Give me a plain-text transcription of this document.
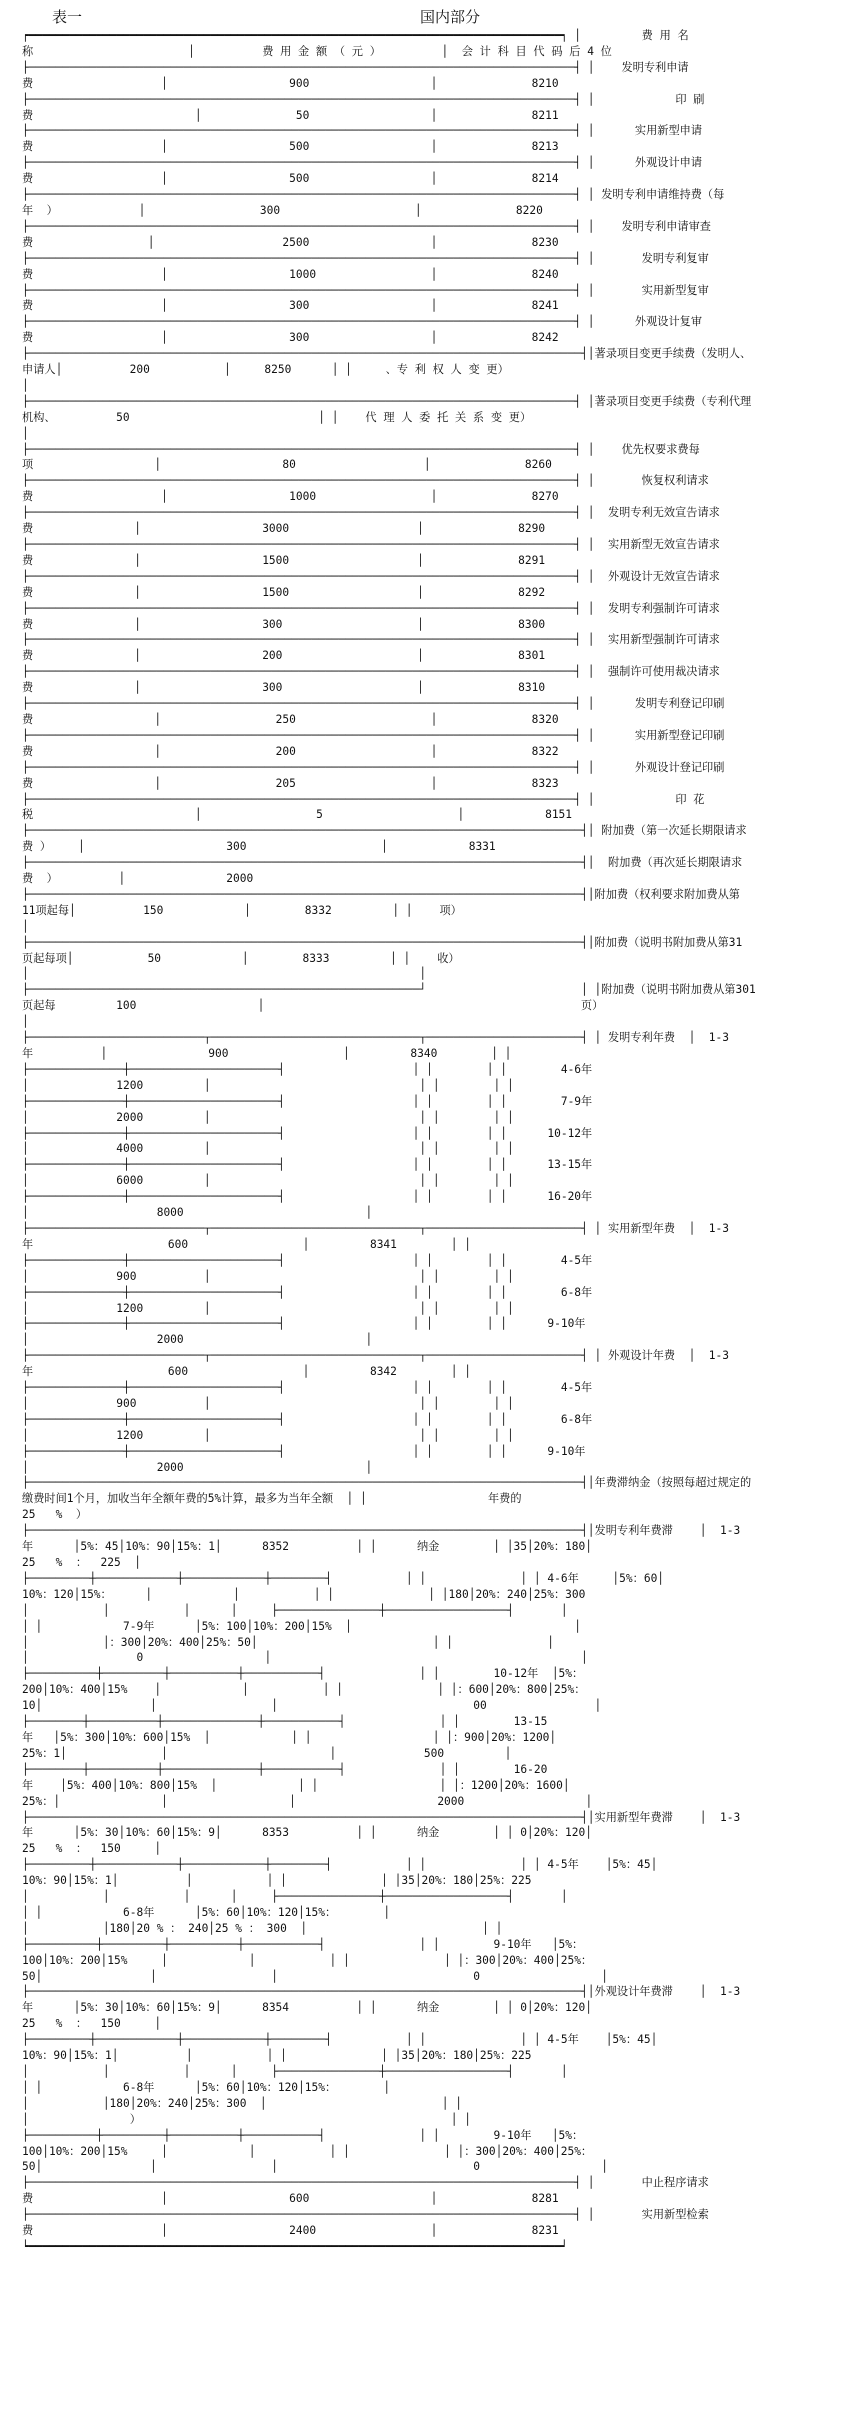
表一	国内部分
┍━━━━━━━━━━━━━━━━━━━━━━━━━━━━━━━━━━━━━━━━━━━━━━━━━━━━━━━━━━━━━━━━━━━━━━━━━━━━━━━┑ │         费 用 名
称                       │          费 用 金 额 （ 元 ）         │  会 计 科 目 代 码 后 4 位
├─────────────────────────────────────────────────────────────────────────────────┤ │    发明专利申请
费                   │                  900                  │              8210
├─────────────────────────────────────────────────────────────────────────────────┤ │            印 刷
费                        │              50                  │              8211
├─────────────────────────────────────────────────────────────────────────────────┤ │      实用新型申请
费                   │                  500                  │              8213
├─────────────────────────────────────────────────────────────────────────────────┤ │      外观设计申请
费                   │                  500                  │              8214
├─────────────────────────────────────────────────────────────────────────────────┤ │ 发明专利申请维持费（每
年  ）            │                 300                    │              8220
├─────────────────────────────────────────────────────────────────────────────────┤ │    发明专利申请审查
费                 │                   2500                  │              8230
├─────────────────────────────────────────────────────────────────────────────────┤ │       发明专利复审
费                   │                  1000                 │              8240
├─────────────────────────────────────────────────────────────────────────────────┤ │       实用新型复审
费                   │                  300                  │              8241
├─────────────────────────────────────────────────────────────────────────────────┤ │      外观设计复审
费                   │                  300                  │              8242
├──────────────────────────────────────────────────────────────────────────────────┤│著录项目变更手续费（发明人、
申请人│          200           │     8250      │ │     、专 利 权 人 变 更）
│
├─────────────────────────────────────────────────────────────────────────────────┤ │著录项目变更手续费（专利代理
机构、         50                            │ │    代 理 人 委 托 关 系 变 更）
│
├─────────────────────────────────────────────────────────────────────────────────┤ │    优先权要求费每
项                  │                  80                   │              8260
├─────────────────────────────────────────────────────────────────────────────────┤ │       恢复权利请求
费                   │                  1000                 │              8270
├─────────────────────────────────────────────────────────────────────────────────┤ │  发明专利无效宣告请求
费               │                  3000                   │              8290
├─────────────────────────────────────────────────────────────────────────────────┤ │  实用新型无效宣告请求
费               │                  1500                   │              8291
├─────────────────────────────────────────────────────────────────────────────────┤ │  外观设计无效宣告请求
费               │                  1500                   │              8292
├─────────────────────────────────────────────────────────────────────────────────┤ │  发明专利强制许可请求
费               │                  300                    │              8300
├─────────────────────────────────────────────────────────────────────────────────┤ │  实用新型强制许可请求
费               │                  200                    │              8301
├─────────────────────────────────────────────────────────────────────────────────┤ │  强制许可使用裁决请求
费               │                  300                    │              8310
├─────────────────────────────────────────────────────────────────────────────────┤ │      发明专利登记印刷
费                  │                 250                    │              8320
├─────────────────────────────────────────────────────────────────────────────────┤ │      实用新型登记印刷
费                  │                 200                    │              8322
├─────────────────────────────────────────────────────────────────────────────────┤ │      外观设计登记印刷
费                  │                 205                    │              8323
├─────────────────────────────────────────────────────────────────────────────────┤ │            印 花
税                        │                 5                    │            8151
├──────────────────────────────────────────────────────────────────────────────────┤│ 附加费（第一次延长期限请求
费 ）    │                     300                    │            8331
├──────────────────────────────────────────────────────────────────────────────────┤│  附加费（再次延长期限请求
费  ）         │               2000
├──────────────────────────────────────────────────────────────────────────────────┤│附加费（权利要求附加费从第
11项起每│          150            │        8332         │ │    项）
│
├──────────────────────────────────────────────────────────────────────────────────┤│附加费（说明书附加费从第31
页起每项│           50            │        8333         │ │    收）
│                                                          │
├──────────────────────────────────────────────────────────┘                       │ │附加费（说明书附加费从第301
页起每         100                  │                                               页）
│
├──────────────────────────┬───────────────────────────────┬───────────────────────┤ │ 发明专利年费  │  1-3
年          │               900                 │         8340        │ │
├──────────────┼──────────────────────┤                   │ │        │ │        4-6年
│             1200         │                               │ │        │ │
├──────────────┼──────────────────────┤                   │ │        │ │        7-9年
│             2000         │                               │ │        │ │
├──────────────┼──────────────────────┤                   │ │        │ │      10-12年
│             4000         │                               │ │        │ │
├──────────────┼──────────────────────┤                   │ │        │ │      13-15年
│             6000         │                               │ │        │ │
├──────────────┼──────────────────────┤                   │ │        │ │      16-20年
│                   8000                           │
├──────────────────────────┬───────────────────────────────┬───────────────────────┤ │ 实用新型年费  │  1-3
年                    600                 │         8341        │ │
├──────────────┼──────────────────────┤                   │ │        │ │        4-5年
│             900          │                               │ │        │ │
├──────────────┼──────────────────────┤                   │ │        │ │        6-8年
│             1200         │                               │ │        │ │
├──────────────┼──────────────────────┤                   │ │        │ │      9-10年
│                   2000                           │
├──────────────────────────┬───────────────────────────────┬───────────────────────┤ │ 外观设计年费  │  1-3
年                    600                 │         8342        │ │
├──────────────┼──────────────────────┤                   │ │        │ │        4-5年
│             900          │                               │ │        │ │
├──────────────┼──────────────────────┤                   │ │        │ │        6-8年
│             1200         │                               │ │        │ │
├──────────────┼──────────────────────┤                   │ │        │ │      9-10年
│                   2000                           │
├──────────────────────────────────────────────────────────────────────────────────┤│年费滞纳金（按照每超过规定的
缴费时间1个月，加收当年全额年费的5%计算，最多为当年全额  │ │                  年费的
25   %  ）
├──────────────────────────────────────────────────────────────────────────────────┤│发明专利年费滞    │  1-3
年      │5%：45│10%：90│15%：1│      8352          │ │      纳金        │ │35│20%：180│
25   %  ：  225  │
├─────────┼────────────┼────────────┼────────┤           │ │              │ │ 4-6年     │5%：60│
10%：120│15%：     │            │           │ │              │ │180│20%：240│25%：300
│           │           │      │     ├───────────────┼──────────────────┤       │
│ │            7-9年      │5%：100│10%：200│15%  │                                 │
│           │：300│20%：400│25%：50│                          │ │              │
│                0                  │                                              │
├──────────┼─────────┼──────────┼───────────┤              │ │        10-12年  │5%：
200│10%：400│15%    │            │           │ │              │ │：600│20%：800│25%：
10│                │                 │                             00                │
├────────┼──────────┼──────────────┼───────────┤              │ │        13-15
年   │5%：300│10%：600│15%  │            │ │                  │ │：900│20%：1200│
25%：1│              │                        │             500         │
├────────┼──────────┼──────────────┼───────────┤              │ │        16-20
年    │5%：400│10%：800│15%  │            │ │                  │ │：1200│20%：1600│
25%：│               │                  │                     2000                  │
├──────────────────────────────────────────────────────────────────────────────────┤│实用新型年费滞    │  1-3
年      │5%：30│10%：60│15%：9│      8353          │ │      纳金        │ │ 0│20%：120│
25   %  ：  150     │
├─────────┼────────────┼────────────┼────────┤           │ │              │ │ 4-5年    │5%：45│
10%：90│15%：1│          │           │ │              │ │35│20%：180│25%：225
│           │           │      │     ├───────────────┼──────────────────┤       │
│ │            6-8年      │5%：60│10%：120│15%：       │
│           │180│20 % ： 240│25 % ： 300  │                          │ │
├──────────┼─────────┼──────────┼───────────┤              │ │        9-10年   │5%：
100│10%：200│15%     │            │           │ │              │ │：300│20%：400│25%：
50│                │                 │                             0                  │
├──────────────────────────────────────────────────────────────────────────────────┤│外观设计年费滞    │  1-3
年      │5%：30│10%：60│15%：9│      8354          │ │      纳金        │ │ 0│20%：120│
25   %  ：  150     │
├─────────┼────────────┼────────────┼────────┤           │ │              │ │ 4-5年    │5%：45│
10%：90│15%：1│          │           │ │              │ │35│20%：180│25%：225
│           │           │      │     ├───────────────┼──────────────────┤       │
│ │            6-8年      │5%：60│10%：120│15%：       │
│           │180│20%：240│25%：300  │                          │ │
│               ）                                              │ │
├──────────┼─────────┼──────────┼───────────┤              │ │        9-10年   │5%：
100│10%：200│15%     │            │           │ │              │ │：300│20%：400│25%：
50│                │                 │                             0                  │
├─────────────────────────────────────────────────────────────────────────────────┤ │       中止程序请求
费                   │                  600                  │              8281
├─────────────────────────────────────────────────────────────────────────────────┤ │       实用新型检索
费                   │                  2400                 │              8231
┕━━━━━━━━━━━━━━━━━━━━━━━━━━━━━━━━━━━━━━━━━━━━━━━━━━━━━━━━━━━━━━━━━━━━━━━━━━━━━━━┙
